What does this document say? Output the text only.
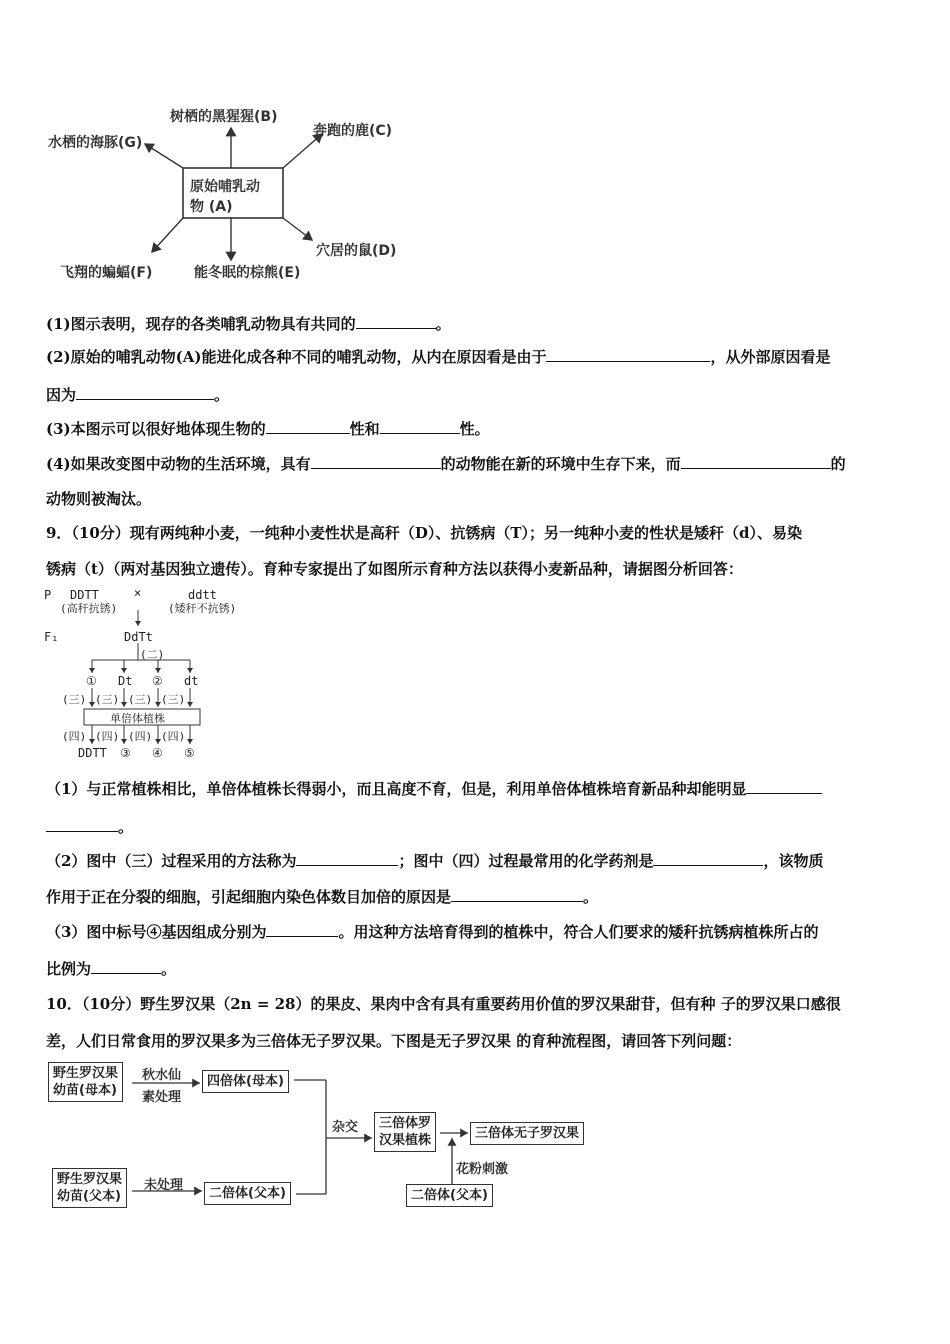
原始哺乳动
物 (A)
树栖的黑猩猩(B)
奔跑的鹿(C)
水栖的海豚(G)
穴居的鼠(D)
飞翔的蝙蝠(F)	能冬眠的棕熊(E)
(1)图示表明，现存的各类哺乳动物具有共同的	。
(2)原始的哺乳动物(A)能进化成各种不同的哺乳动物，从内在原因看是由于	，从外部原因看是
因为	。
(3)本图示可以很好地体现生物的	性和	性。
(4)如果改变图中动物的生活环境，具有	的动物能在新的环境中生存下来，而	的
动物则被淘汰。
9．（10分）现有两纯种小麦，一纯种小麦性状是高秆（D）、抗锈病（T）；另一纯种小麦的性状是矮秆（d）、易染
锈病（t）（两对基因独立遗传）。育种专家提出了如图所示育种方法以获得小麦新品种，请据图分析回答：
P DDTT
(高秆抗锈)
×	ddtt
(矮秆不抗锈)
F₁	DdTt
(二)
① Dt ② dt
(三) (三) (三) (三)
单倍体植株
(四) (四) (四) (四)
DDTT ③ ④ ⑤
（1）与正常植株相比，单倍体植株长得弱小，而且高度不育，但是，利用单倍体植株培育新品种却能明显
。
（2）图中（三）过程采用的方法称为	；图中（四）过程最常用的化学药剂是	，该物质
作用于正在分裂的细胞，引起细胞内染色体数目加倍的原因是	。
（3）图中标号④基因组成分别为	。用这种方法培育得到的植株中，符合人们要求的矮秆抗锈病植株所占的
比例为	。
10．（10分）野生罗汉果（2n = 28）的果皮、果肉中含有具有重要药用价值的罗汉果甜苷，但有种 子的罗汉果口感很
差，人们日常食用的罗汉果多为三倍体无子罗汉果。下图是无子罗汉果 的育种流程图，请回答下列问题：
野生罗汉果
幼苗(母本)
秋水仙
素处理
四倍体(母本)
野生罗汉果
幼苗(父本)
未处理
二倍体(父本)
杂交 三倍体罗
汉果植株	三倍体无子罗汉果
花粉刺激
二倍体(父本)
